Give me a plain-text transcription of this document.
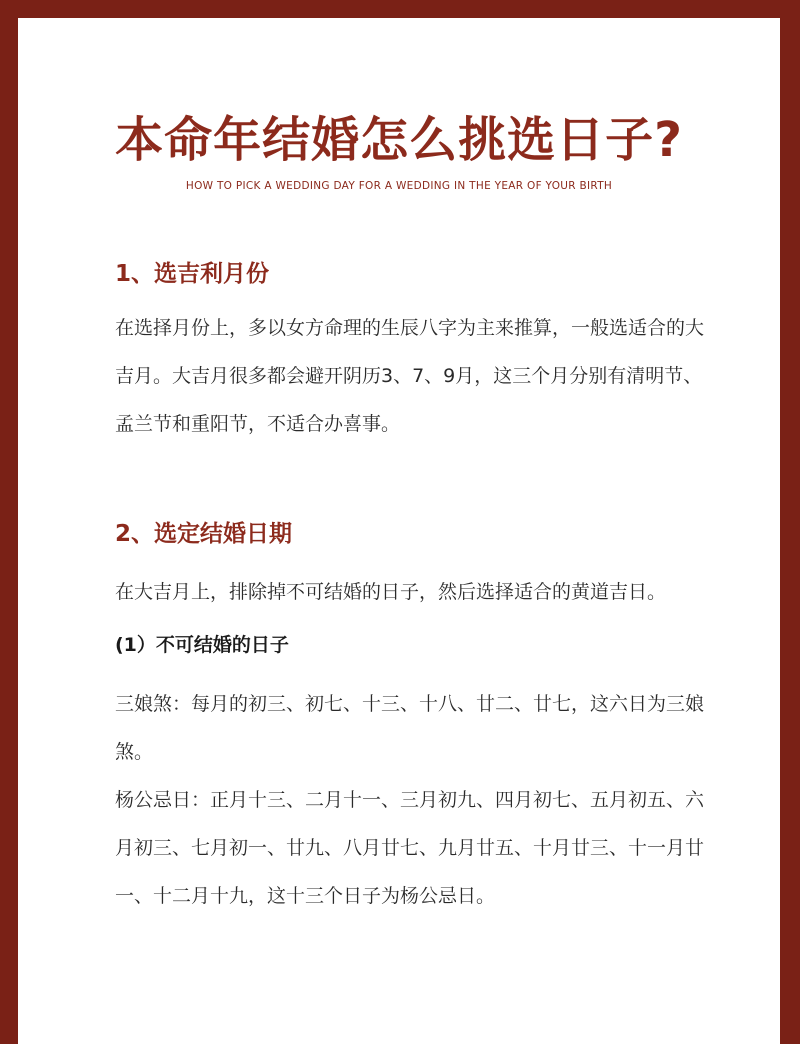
本命年结婚怎么挑选日子?
HOW TO PICK A WEDDING DAY FOR A WEDDING IN THE YEAR OF YOUR BIRTH
1、选吉利月份

在选择月份上，多以女方命理的生辰八字为主来推算，一般选适合的大吉月。大吉月很多都会避开阴历3、7、9月，这三个月分别有清明节、孟兰节和重阳节，不适合办喜事。

2、选定结婚日期

在大吉月上，排除掉不可结婚的日子，然后选择适合的黄道吉日。

(1）不可结婚的日子

三娘煞：每月的初三、初七、十三、十八、廿二、廿七，这六日为三娘煞。

杨公忌日：正月十三、二月十一、三月初九、四月初七、五月初五、六月初三、七月初一、廿九、八月廿七、九月廿五、十月廿三、十一月廿一、十二月十九，这十三个日子为杨公忌日。
